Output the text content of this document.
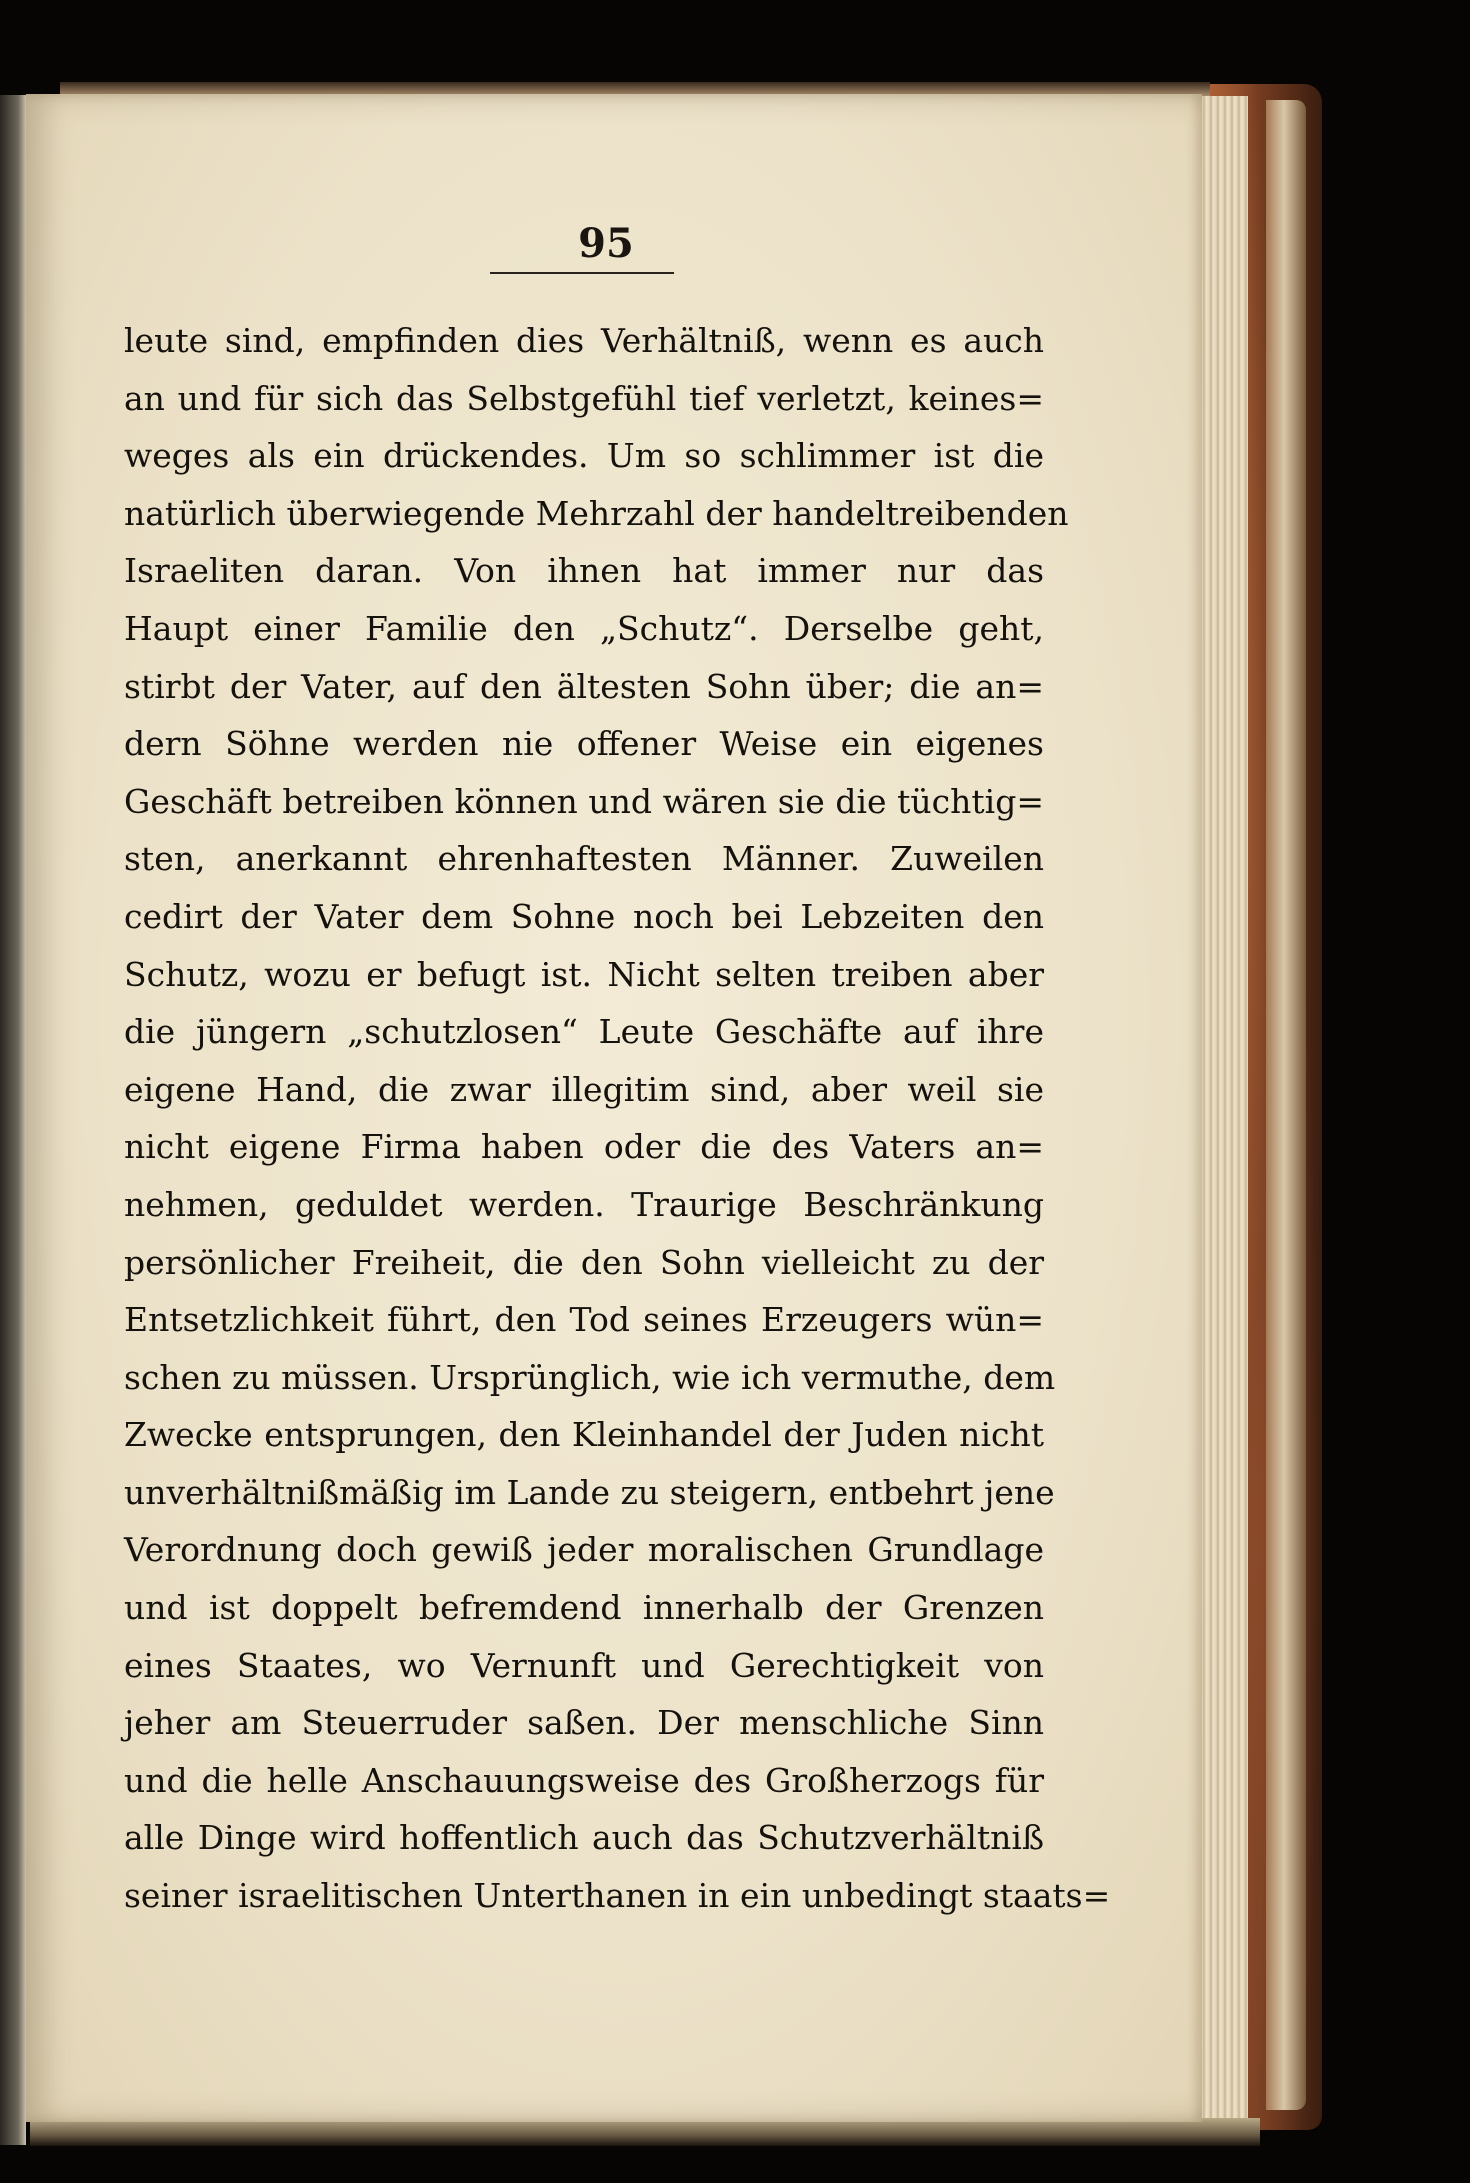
95
leute sind, empfinden dies Verhältniß, wenn es auch
an und für sich das Selbstgefühl tief verletzt, keines=
weges als ein drückendes. Um so schlimmer ist die
natürlich überwiegende Mehrzahl der handeltreibenden
Israeliten daran. Von ihnen hat immer nur das
Haupt einer Familie den „Schutz“. Derselbe geht,
stirbt der Vater, auf den ältesten Sohn über; die an=
dern Söhne werden nie offener Weise ein eigenes
Geschäft betreiben können und wären sie die tüchtig=
sten, anerkannt ehrenhaftesten Männer. Zuweilen
cedirt der Vater dem Sohne noch bei Lebzeiten den
Schutz, wozu er befugt ist. Nicht selten treiben aber
die jüngern „schutzlosen“ Leute Geschäfte auf ihre
eigene Hand, die zwar illegitim sind, aber weil sie
nicht eigene Firma haben oder die des Vaters an=
nehmen, geduldet werden. Traurige Beschränkung
persönlicher Freiheit, die den Sohn vielleicht zu der
Entsetzlichkeit führt, den Tod seines Erzeugers wün=
schen zu müssen. Ursprünglich, wie ich vermuthe, dem
Zwecke entsprungen, den Kleinhandel der Juden nicht
unverhältnißmäßig im Lande zu steigern, entbehrt jene
Verordnung doch gewiß jeder moralischen Grundlage
und ist doppelt befremdend innerhalb der Grenzen
eines Staates, wo Vernunft und Gerechtigkeit von
jeher am Steuerruder saßen. Der menschliche Sinn
und die helle Anschauungsweise des Großherzogs für
alle Dinge wird hoffentlich auch das Schutzverhältniß
seiner israelitischen Unterthanen in ein unbedingt staats=
